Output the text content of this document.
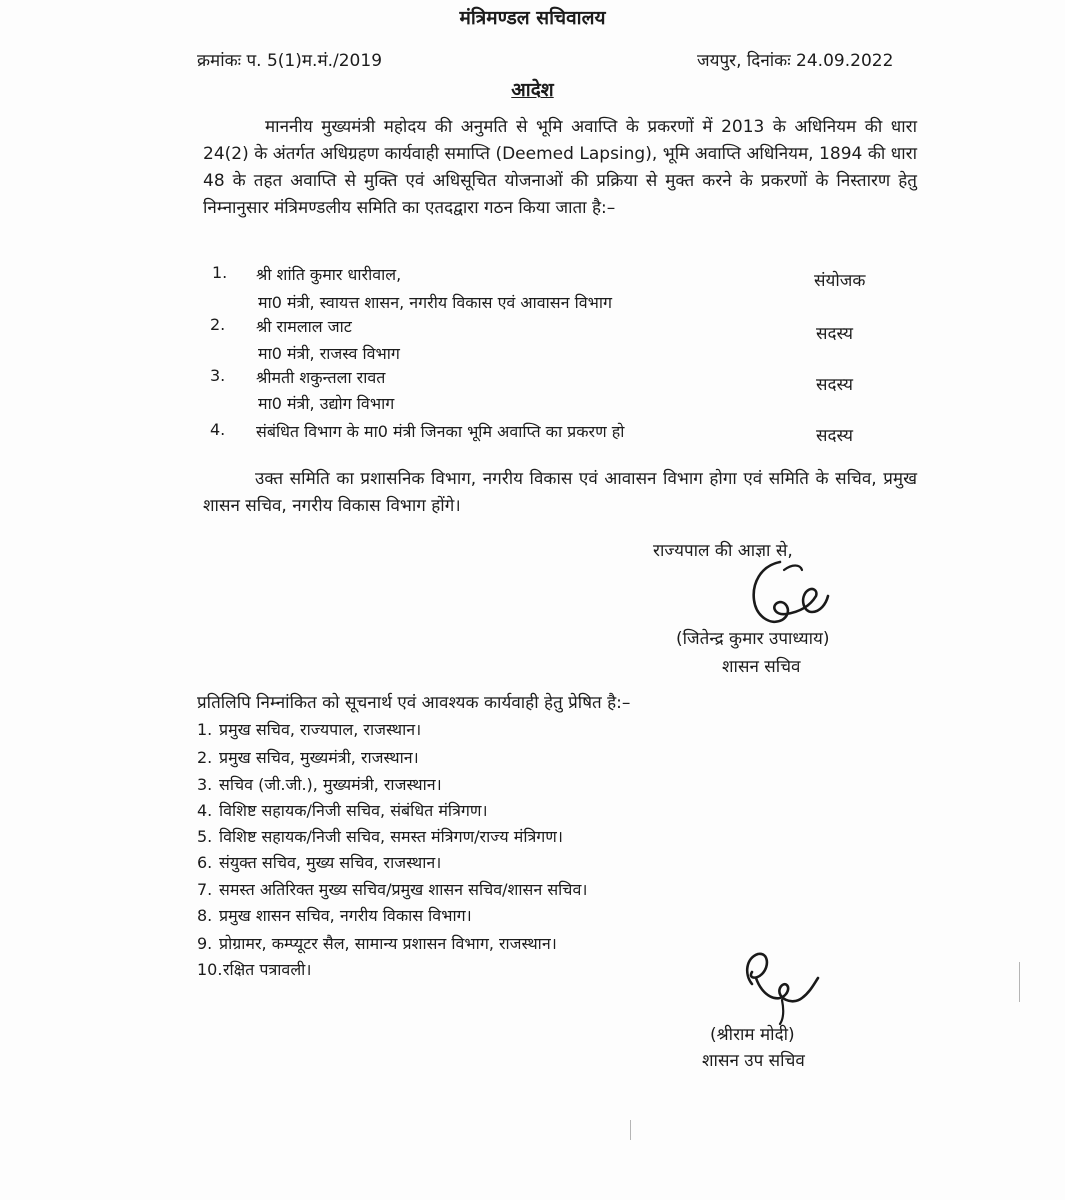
मंत्रिमण्डल सचिवालय
क्रमांकः प. 5(1)म.मं./2019	जयपुर, दिनांकः 24.09.2022
आदेश
माननीय मुख्यमंत्री महोदय की अनुमति से भूमि अवाप्ति के प्रकरणों में 2013 के अधिनियम की धारा 24(2) के अंतर्गत अधिग्रहण कार्यवाही समाप्ति (Deemed Lapsing), भूमि अवाप्ति अधिनियम, 1894 की धारा 48 के तहत अवाप्ति से मुक्ति एवं अधिसूचित योजनाओं की प्रक्रिया से मुक्त करने के प्रकरणों के निस्तारण हेतु निम्नानुसार मंत्रिमण्डलीय समिति का एतदद्वारा गठन किया जाता है:–
1. श्री शांति कुमार धारीवाल,
मा0 मंत्री, स्वायत्त शासन, नगरीय विकास एवं आवासन विभाग
संयोजक
2. श्री रामलाल जाट
मा0 मंत्री, राजस्व विभाग
सदस्य
3. श्रीमती शकुन्तला रावत
मा0 मंत्री, उद्योग विभाग
सदस्य
4. संबंधित विभाग के मा0 मंत्री जिनका भूमि अवाप्ति का प्रकरण हो	सदस्य
उक्त समिति का प्रशासनिक विभाग, नगरीय विकास एवं आवासन विभाग होगा एवं समिति के सचिव, प्रमुख शासन सचिव, नगरीय विकास विभाग होंगे।
राज्यपाल की आज्ञा से,
(जितेन्द्र कुमार उपाध्याय)
शासन सचिव
प्रतिलिपि निम्नांकित को सूचनार्थ एवं आवश्यक कार्यवाही हेतु प्रेषित है:–
1. प्रमुख सचिव, राज्यपाल, राजस्थान।
2. प्रमुख सचिव, मुख्यमंत्री, राजस्थान।
3. सचिव (जी.जी.), मुख्यमंत्री, राजस्थान।
4. विशिष्ट सहायक/निजी सचिव, संबंधित मंत्रिगण।
5. विशिष्ट सहायक/निजी सचिव, समस्त मंत्रिगण/राज्य मंत्रिगण।
6. संयुक्त सचिव, मुख्य सचिव, राजस्थान।
7. समस्त अतिरिक्त मुख्य सचिव/प्रमुख शासन सचिव/शासन सचिव।
8. प्रमुख शासन सचिव, नगरीय विकास विभाग।
9. प्रोग्रामर, कम्प्यूटर सैल, सामान्य प्रशासन विभाग, राजस्थान।
10.रक्षित पत्रावली।
(श्रीराम मोदी)
शासन उप सचिव
